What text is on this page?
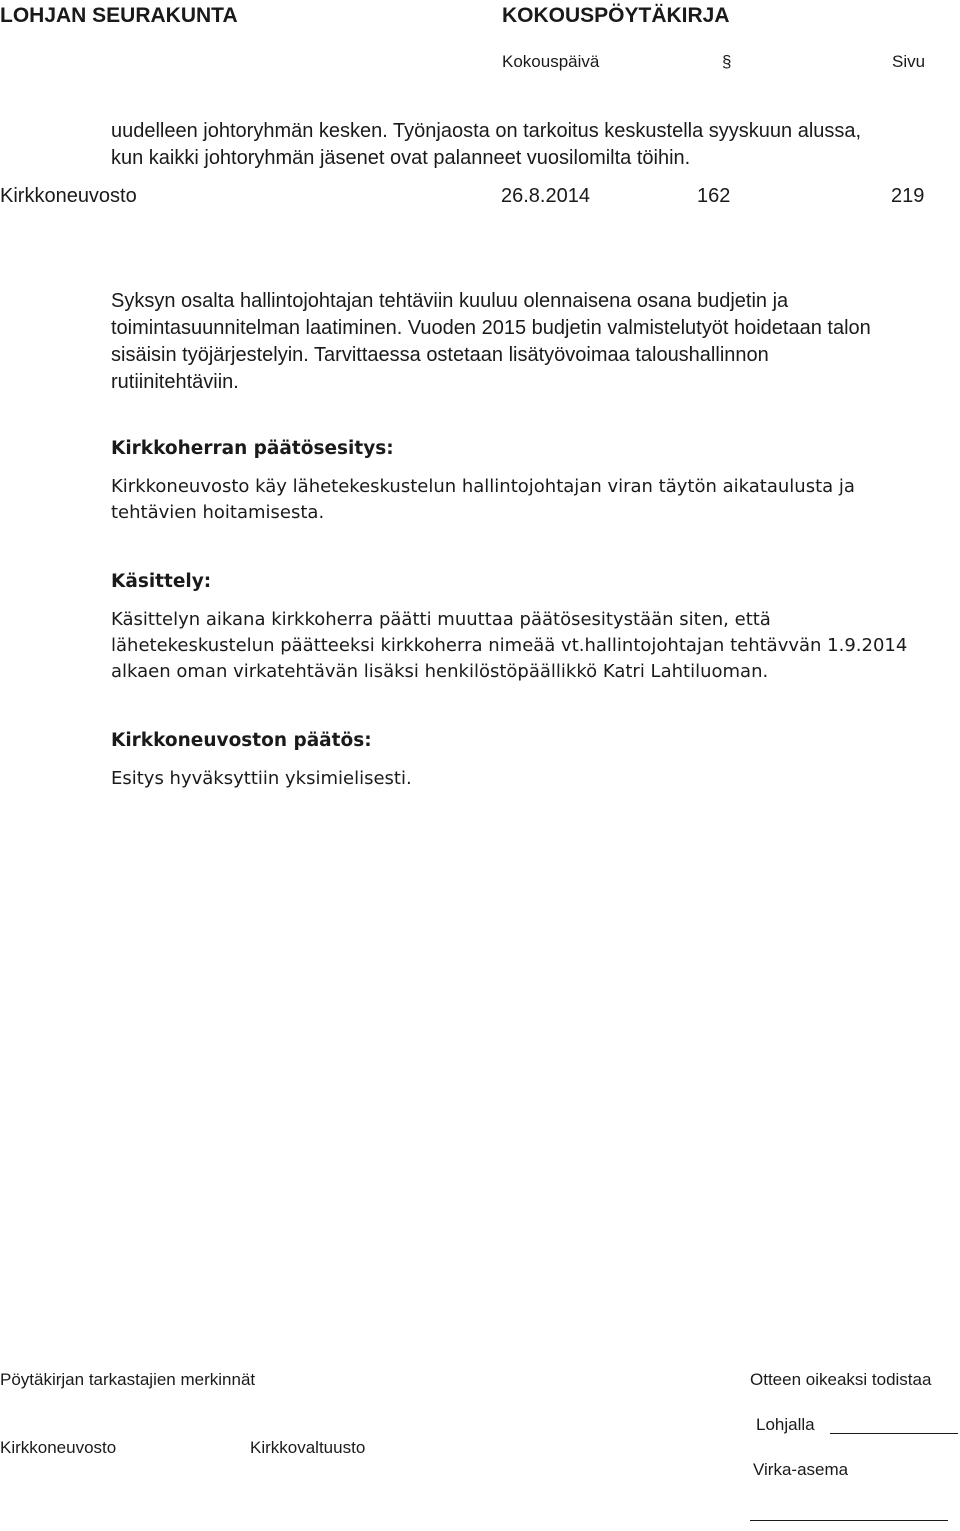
LOHJAN SEURAKUNTA	KOKOUSPÖYTÄKIRJA
Kokouspäivä	§	Sivu
uudelleen johtoryhmän kesken. Työnjaosta on tarkoitus keskustella syyskuun alussa,
kun kaikki johtoryhmän jäsenet ovat palanneet vuosilomilta töihin.
Kirkkoneuvosto	26.8.2014	162	219
Syksyn osalta hallintojohtajan tehtäviin kuuluu olennaisena osana budjetin ja
toimintasuunnitelman laatiminen. Vuoden 2015 budjetin valmistelutyöt hoidetaan talon
sisäisin työjärjestelyin. Tarvittaessa ostetaan lisätyövoimaa taloushallinnon
rutiinitehtäviin.
Kirkkoherran päätösesitys:
Kirkkoneuvosto käy lähetekeskustelun hallintojohtajan viran täytön aikataulusta ja
tehtävien hoitamisesta.
Käsittely:
Käsittelyn aikana kirkkoherra päätti muuttaa päätösesitystään siten, että
lähetekeskustelun päätteeksi kirkkoherra nimeää vt.hallintojohtajan tehtävvän 1.9.2014
alkaen oman virkatehtävän lisäksi henkilöstöpäällikkö Katri Lahtiluoman.
Kirkkoneuvoston päätös:
Esitys hyväksyttiin yksimielisesti.
Pöytäkirjan tarkastajien merkinnät	Otteen oikeaksi todistaa
Lohjalla
Kirkkoneuvosto	Kirkkovaltuusto
Virka-asema
